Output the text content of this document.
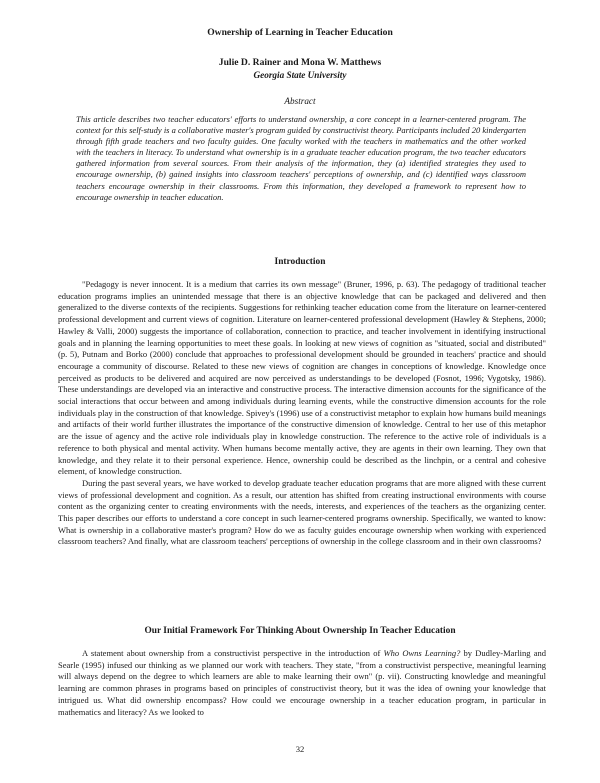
Ownership of Learning in Teacher Education
Julie D. Rainer and Mona W. Matthews
Georgia State University
Abstract
This article describes two teacher educators' efforts to understand ownership, a core concept in a learner-centered program. The context for this self-study is a collaborative master's program guided by constructivist theory. Participants included 20 kindergarten through fifth grade teachers and two faculty guides. One faculty worked with the teachers in mathematics and the other worked with the teachers in literacy. To understand what ownership is in a graduate teacher education program, the two teacher educators gathered information from several sources. From their analysis of the information, they (a) identified strategies they used to encourage ownership, (b) gained insights into classroom teachers' perceptions of ownership, and (c) identified ways classroom teachers encourage ownership in their classrooms. From this information, they developed a framework to represent how to encourage ownership in teacher education.
Introduction

"Pedagogy is never innocent. It is a medium that carries its own message" (Bruner, 1996, p. 63). The pedagogy of traditional teacher education programs implies an unintended message that there is an objective knowledge that can be packaged and delivered and then generalized to the diverse contexts of the recipients. Suggestions for rethinking teacher education come from the literature on learner-centered professional development and current views of cognition. Literature on learner-centered professional development (Hawley & Stephens, 2000; Hawley & Valli, 2000) suggests the importance of collaboration, connection to practice, and teacher involvement in identifying instructional goals and in planning the learning opportunities to meet these goals. In looking at new views of cognition as "situated, social and distributed" (p. 5), Putnam and Borko (2000) conclude that approaches to professional development should be grounded in teachers' practice and should encourage a community of discourse. Related to these new views of cognition are changes in conceptions of knowledge. Knowledge once perceived as products to be delivered and acquired are now perceived as understandings to be developed (Fosnot, 1996; Vygotsky, 1986). These understandings are developed via an interactive and constructive process. The interactive dimension accounts for the significance of the social interactions that occur between and among individuals during learning events, while the constructive dimension accounts for the role individuals play in the construction of that knowledge. Spivey's (1996) use of a constructivist metaphor to explain how humans build meanings and artifacts of their world further illustrates the importance of the constructive dimension of knowledge. Central to her use of this metaphor are the issue of agency and the active role individuals play in knowledge construction. The reference to the active role of individuals is a reference to both physical and mental activity. When humans become mentally active, they are agents in their own learning. They own that knowledge, and they relate it to their personal experience. Hence, ownership could be described as the linchpin, or a central and cohesive element, of knowledge construction.

During the past several years, we have worked to develop graduate teacher education programs that are more aligned with these current views of professional development and cognition. As a result, our attention has shifted from creating instructional environments with course content as the organizing center to creating environments with the needs, interests, and experiences of the teachers as the organizing center. This paper describes our efforts to understand a core concept in such learner-centered programs ownership. Specifically, we wanted to know: What is ownership in a collaborative master's program? How do we as faculty guides encourage ownership when working with experienced classroom teachers? And finally, what are classroom teachers' perceptions of ownership in the college classroom and in their own classrooms?

Our Initial Framework For Thinking About Ownership In Teacher Education

A statement about ownership from a constructivist perspective in the introduction of Who Owns Learning? by Dudley-Marling and Searle (1995) infused our thinking as we planned our work with teachers. They state, "from a constructivist perspective, meaningful learning will always depend on the degree to which learners are able to make learning their own" (p. vii). Constructing knowledge and meaningful learning are common phrases in programs based on principles of constructivist theory, but it was the idea of owning your knowledge that intrigued us. What did ownership encompass? How could we encourage ownership in a teacher education program, in particular in mathematics and literacy? As we looked to

32
